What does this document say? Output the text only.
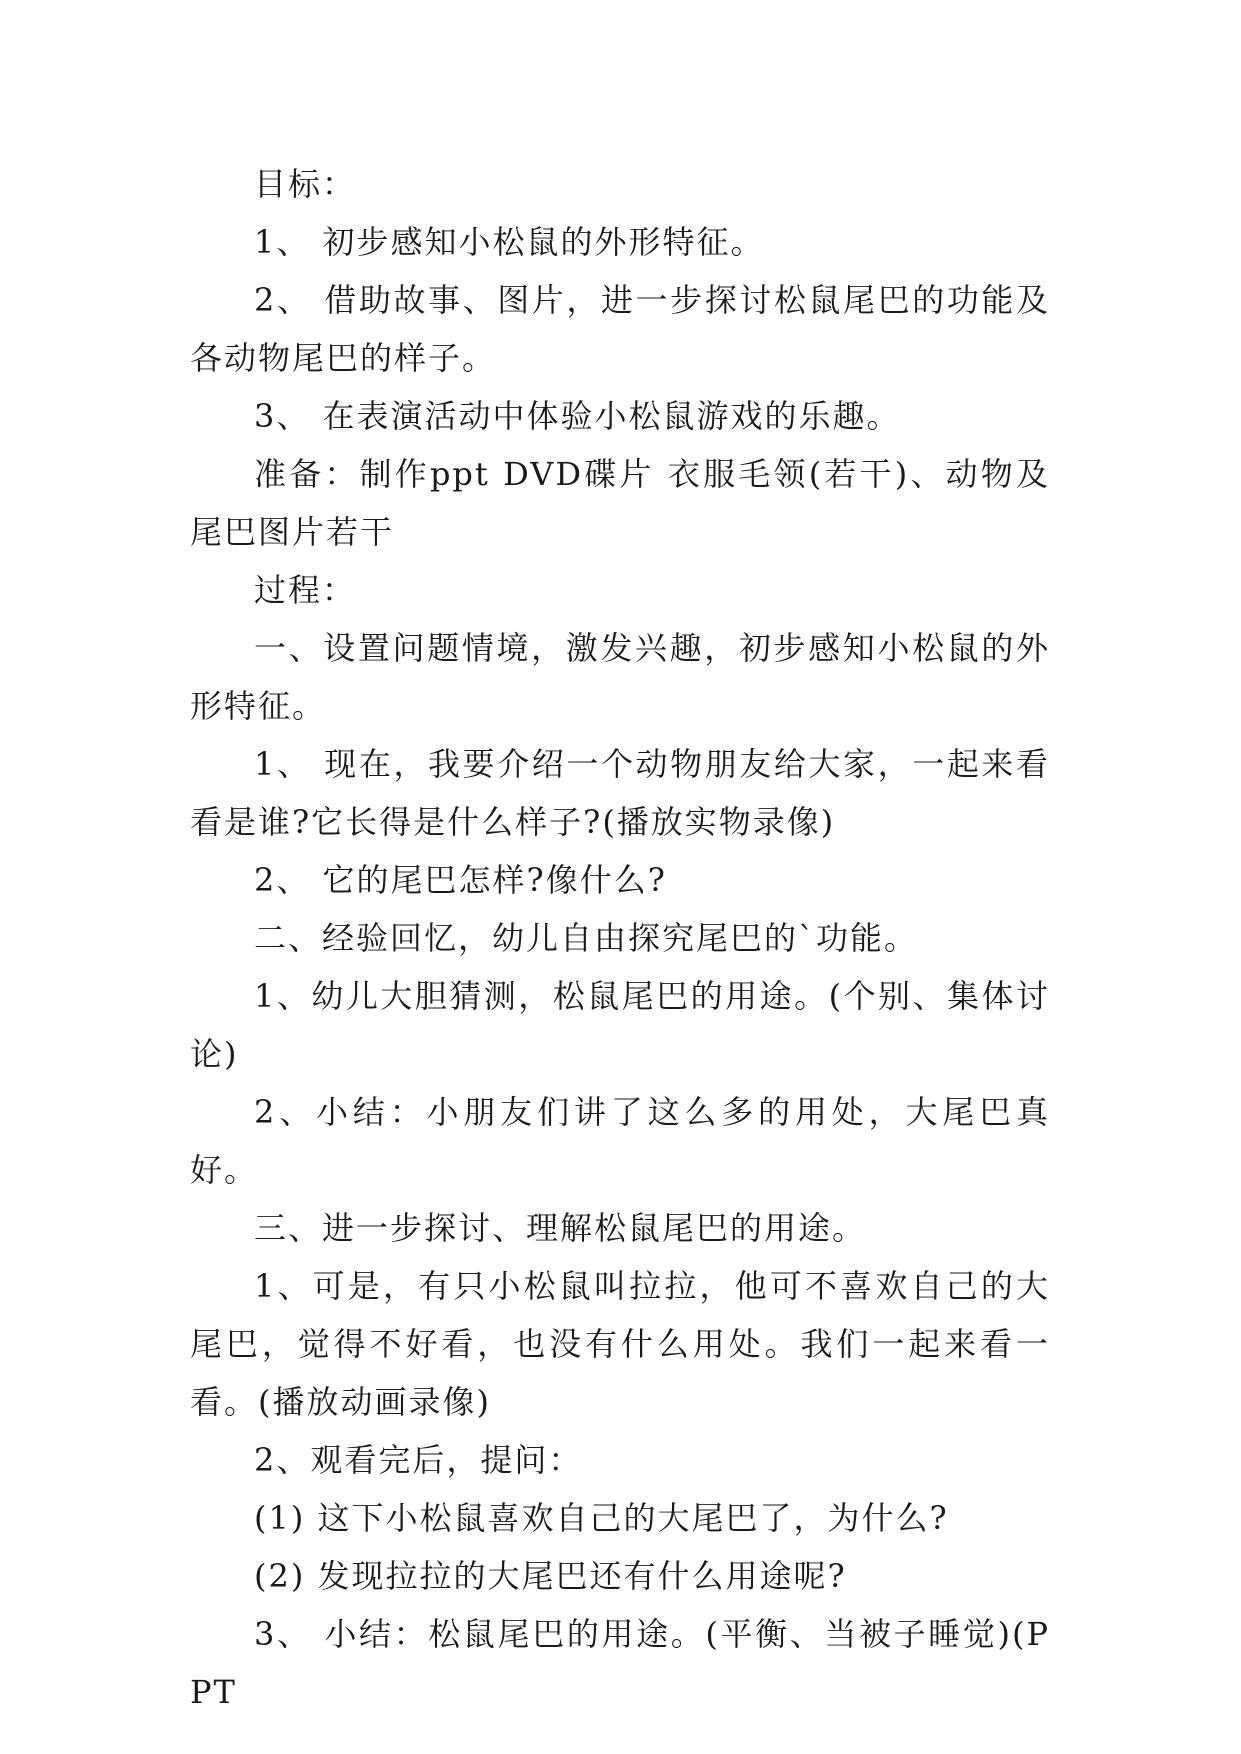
目标：

1、 初步感知小松鼠的外形特征。

2、 借助故事、图片，进一步探讨松鼠尾巴的功能及各动物尾巴的样子。

3、 在表演活动中体验小松鼠游戏的乐趣。

准备：制作ppt DVD碟片 衣服毛领(若干)、动物及尾巴图片若干

过程：

一、设置问题情境，激发兴趣，初步感知小松鼠的外形特征。

1、 现在，我要介绍一个动物朋友给大家，一起来看看是谁?它长得是什么样子?(播放实物录像)

2、 它的尾巴怎样?像什么?

二、经验回忆，幼儿自由探究尾巴的`功能。

1、幼儿大胆猜测，松鼠尾巴的用途。(个别、集体讨论)

2、小结：小朋友们讲了这么多的用处，大尾巴真好。

三、进一步探讨、理解松鼠尾巴的用途。

1、可是，有只小松鼠叫拉拉，他可不喜欢自己的大尾巴，觉得不好看，也没有什么用处。我们一起来看一看。(播放动画录像)

2、观看完后，提问：

(1) 这下小松鼠喜欢自己的大尾巴了，为什么?

(2) 发现拉拉的大尾巴还有什么用途呢?

3、 小结：松鼠尾巴的用途。(平衡、当被子睡觉)(PPT
